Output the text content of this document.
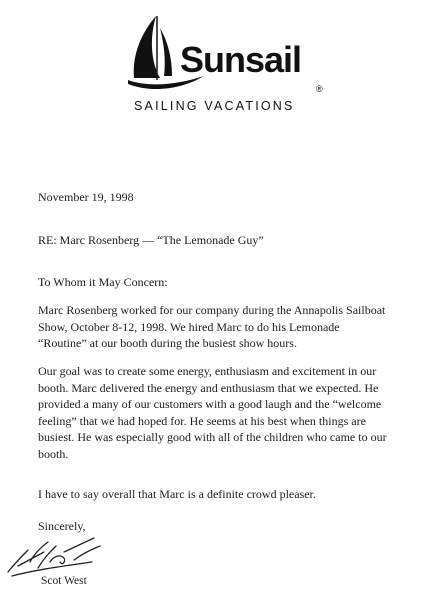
Sunsail
®
SAILING VACATIONS
November 19, 1998
RE: Marc Rosenberg — “The Lemonade Guy”
To Whom it May Concern:
Marc Rosenberg worked for our company during the Annapolis Sailboat
Show, October 8-12, 1998. We hired Marc to do his Lemonade
“Routine” at our booth during the busiest show hours.
Our goal was to create some energy, enthusiasm and excitement in our
booth. Marc delivered the energy and enthusiasm that we expected. He
provided a many of our customers with a good laugh and the “welcome
feeling” that we had hoped for. He seems at his best when things are
busiest. He was especially good with all of the children who came to our
booth.
I have to say overall that Marc is a definite crowd pleaser.
Sincerely,
Scot West
